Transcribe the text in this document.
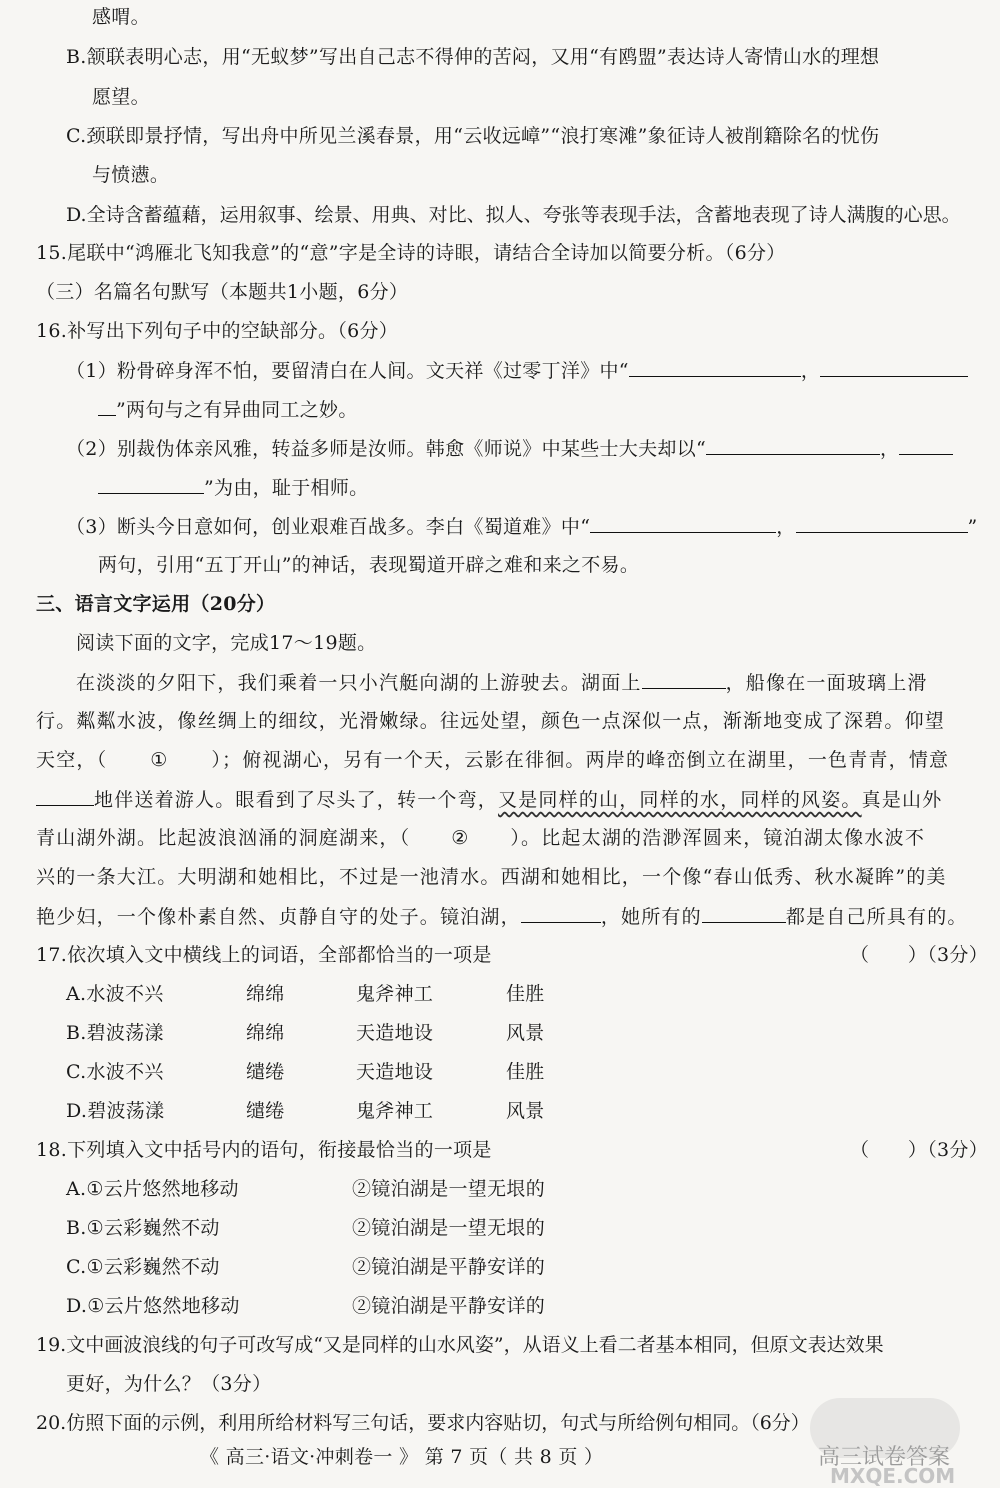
感喟。
B.颔联表明心志，用“无蚁梦”写出自己志不得伸的苦闷，又用“有鸥盟”表达诗人寄情山水的理想
愿望。
C.颈联即景抒情，写出舟中所见兰溪春景，用“云收远嶂”“浪打寒滩”象征诗人被削籍除名的忧伤
与愤懑。
D.全诗含蓄蕴藉，运用叙事、绘景、用典、对比、拟人、夸张等表现手法，含蓄地表现了诗人满腹的心思。
15.尾联中“鸿雁北飞知我意”的“意”字是全诗的诗眼，请结合全诗加以简要分析。（6分）
（三）名篇名句默写（本题共1小题，6分）
16.补写出下列句子中的空缺部分。（6分）
（1）粉骨碎身浑不怕，要留清白在人间。文天祥《过零丁洋》中“	，
”两句与之有异曲同工之妙。
（2）别裁伪体亲风雅，转益多师是汝师。韩愈《师说》中某些士大夫却以“	，
”为由，耻于相师。
（3）断头今日意如何，创业艰难百战多。李白《蜀道难》中“	，	”
两句，引用“五丁开山”的神话，表现蜀道开辟之难和来之不易。
三、语言文字运用（20分）
阅读下面的文字，完成17～19题。
在淡淡的夕阳下，我们乘着一只小汽艇向湖的上游驶去。湖面上	，船像在一面玻璃上滑
行。粼粼水波，像丝绸上的细纹，光滑嫩绿。往远处望，颜色一点深似一点，渐渐地变成了深碧。仰望
天空，（ ① ）；俯视湖心，另有一个天，云影在徘徊。两岸的峰峦倒立在湖里，一色青青，情意
地伴送着游人。眼看到了尽头了，转一个弯，又是同样的山，同样的水，同样的风姿。真是山外
青山湖外湖。比起波浪汹涌的洞庭湖来，（ ② ）。比起太湖的浩渺浑圆来，镜泊湖太像水波不
兴的一条大江。大明湖和她相比，不过是一池清水。西湖和她相比，一个像“春山低秀、秋水凝眸”的美
艳少妇，一个像朴素自然、贞静自守的处子。镜泊湖，	，她所有的	都是自己所具有的。
17.依次填入文中横线上的词语，全部都恰当的一项是	（　　）（3分）
A.水波不兴	绵绵	鬼斧神工	佳胜
B.碧波荡漾	绵绵	天造地设	风景
C.水波不兴	缱绻	天造地设	佳胜
D.碧波荡漾	缱绻	鬼斧神工	风景
18.下列填入文中括号内的语句，衔接最恰当的一项是	（　　）（3分）
A.①云片悠然地移动	②镜泊湖是一望无垠的
B.①云彩巍然不动	②镜泊湖是一望无垠的
C.①云彩巍然不动	②镜泊湖是平静安详的
D.①云片悠然地移动	②镜泊湖是平静安详的
19.文中画波浪线的句子可改写成“又是同样的山水风姿”，从语义上看二者基本相同，但原文表达效果
更好，为什么？（3分）
20.仿照下面的示例，利用所给材料写三句话，要求内容贴切，句式与所给例句相同。（6分）
《 高三·语文·冲刺卷一 》 第 7 页（ 共 8 页 ）	高三试卷答案
MXQE.COM
